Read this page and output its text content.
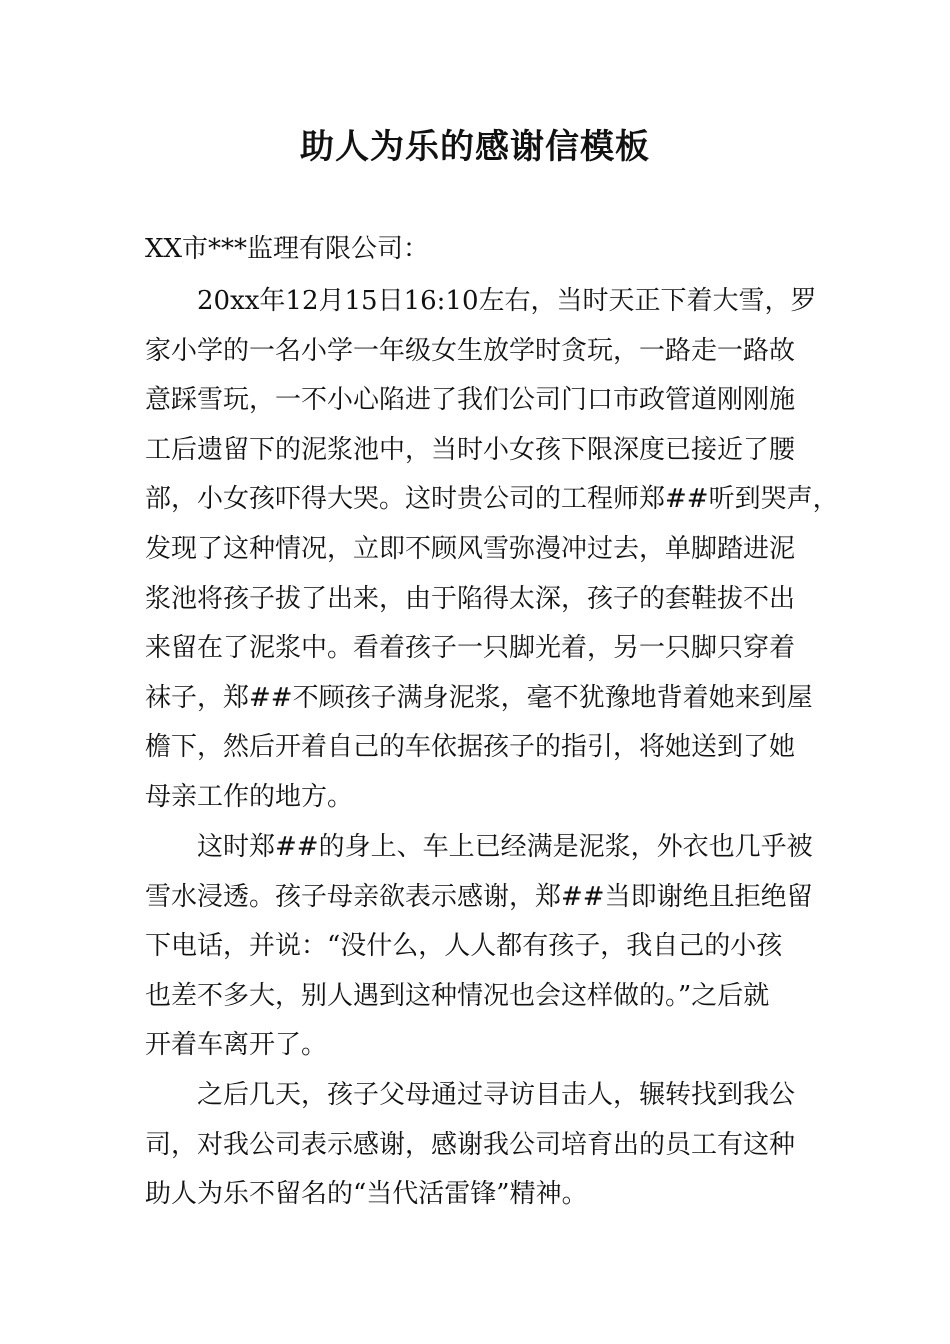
助人为乐的感谢信模板

XX市***监理有限公司：

20xx年12月15日16:10左右，当时天正下着大雪，罗
家小学的一名小学一年级女生放学时贪玩，一路走一路故
意踩雪玩，一不小心陷进了我们公司门口市政管道刚刚施
工后遗留下的泥浆池中，当时小女孩下限深度已接近了腰
部，小女孩吓得大哭。这时贵公司的工程师郑##听到哭声，
发现了这种情况，立即不顾风雪弥漫冲过去，单脚踏进泥
浆池将孩子拔了出来，由于陷得太深，孩子的套鞋拔不出
来留在了泥浆中。看着孩子一只脚光着，另一只脚只穿着
袜子，郑##不顾孩子满身泥浆，毫不犹豫地背着她来到屋
檐下，然后开着自己的车依据孩子的指引，将她送到了她
母亲工作的地方。
这时郑##的身上、车上已经满是泥浆，外衣也几乎被
雪水浸透。孩子母亲欲表示感谢，郑##当即谢绝且拒绝留
下电话，并说：“没什么，人人都有孩子，我自己的小孩
也差不多大，别人遇到这种情况也会这样做的。”之后就
开着车离开了。
之后几天，孩子父母通过寻访目击人，辗转找到我公
司，对我公司表示感谢，感谢我公司培育出的员工有这种
助人为乐不留名的“当代活雷锋”精神。
